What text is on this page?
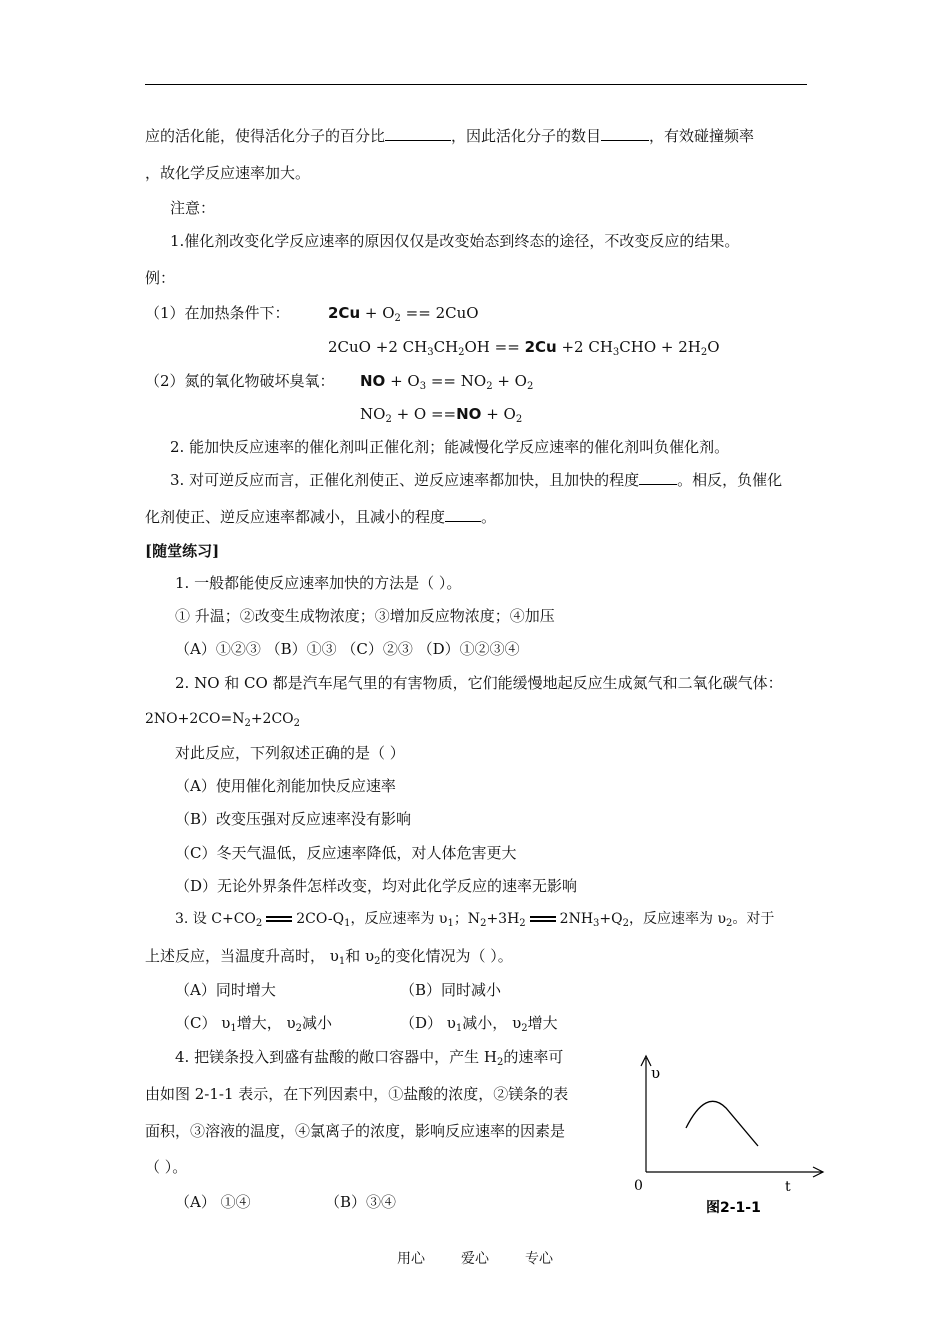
应的活化能，使得活化分子的百分比	，因此活化分子的数目	，有效碰撞频率
，故化学反应速率加大。
注意：
1.催化剂改变化学反应速率的原因仅仅是改变始态到终态的途径，不改变反应的结果。
例：
（1）在加热条件下：	$2Cu + O_2 == 2CuO$
2CuO +2 $CH_3CH_2OH == 2Cu +2$ $CH_3CHO + 2H_2O$
（2）氮的氧化物破坏臭氧： NO + $O_3 == NO_2 + O_2$
$NO_2 + O ==NO + O_2$
2. 能加快反应速率的催化剂叫正催化剂；能减慢化学反应速率的催化剂叫负催化剂。
3. 对可逆反应而言，正催化剂使正、逆反应速率都加快，且加快的程度	。相反，负催化
化剂使正、逆反应速率都减小，且减小的程度 。
[随堂练习]
1. 一般都能使反应速率加快的方法是（ ）。
① 升温；②改变生成物浓度；③增加反应物浓度；④加压
（A）①②③ （B）①③ （C）②③ （D）①②③④
2. NO 和 CO 都是汽车尾气里的有害物质，它们能缓慢地起反应生成氮气和二氧化碳气体：
$2NO+2CO=N_2+2CO_2$
对此反应，下列叙述正确的是（ ）
（A）使用催化剂能加快反应速率
（B）改变压强对反应速率没有影响
（C）冬天气温低，反应速率降低，对人体危害更大
（D）无论外界条件怎样改变，均对此化学反应的速率无影响
3. 设 $C+CO_2$ $2CO-Q_1$，反应速率为 $\upsilon_1$；$N_2+3H_2$ $2NH_3+Q_2$，反应速率为 $\upsilon_2$。对于
上述反应，当温度升高时， $\upsilon_1$和 $\upsilon_2$的变化情况为（ ）。
（A）同时增大	（B）同时减小
（C） $\upsilon_1$增大， $\upsilon_2$减小	（D） $\upsilon_1$减小， $\upsilon_2$增大
4. 把镁条投入到盛有盐酸的敞口容器中，产生 $H_2$的速率可
由如图 2-1-1 表示，在下列因素中，①盐酸的浓度，②镁条的表
面积，③溶液的温度，④氯离子的浓度，影响反应速率的因素是
（ ）。
（A） ①④	（B）③④
υ
t
0
图2-1-1
用心	爱心	专心
